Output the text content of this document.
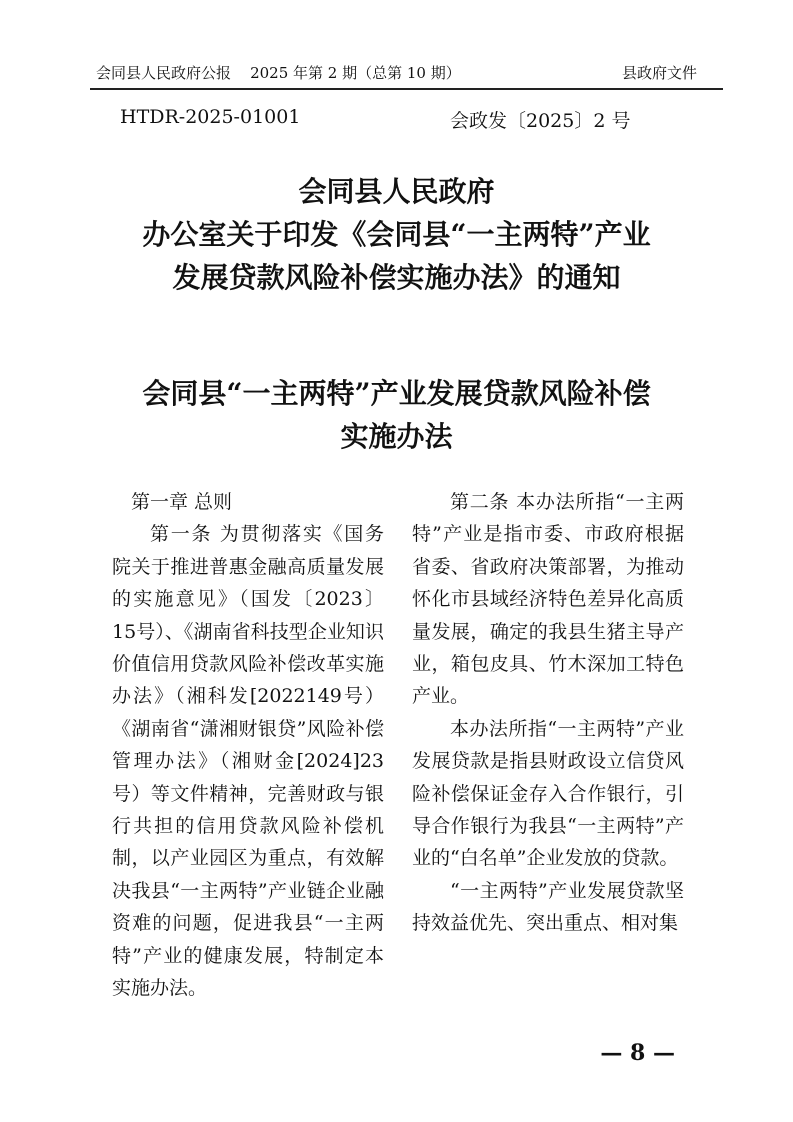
会同县人民政府公报 2025 年第 2 期（总第 10 期）	县政府文件
HTDR-2025-01001	会政发〔2025〕2 号
会同县人民政府
办公室关于印发《会同县“一主两特”产业
发展贷款风险补偿实施办法》的通知
会同县“一主两特”产业发展贷款风险补偿
实施办法

第一章 总则

第一条 为贯彻落实《国务院关于推进普惠金融高质量发展的实施意见》（国发〔2023〕15号）、《湖南省科技型企业知识价值信用贷款风险补偿改革实施办法》（湘科发[2022149号）《湖南省“潇湘财银贷”风险补偿管理办法》（湘财金[2024]23号）等文件精神，完善财政与银行共担的信用贷款风险补偿机制，以产业园区为重点，有效解决我县“一主两特”产业链企业融资难的问题，促进我县“一主两特”产业的健康发展，特制定本实施办法。

第二条 本办法所指“一主两特”产业是指市委、市政府根据省委、省政府决策部署，为推动怀化市县域经济特色差异化高质量发展，确定的我县生猪主导产业，箱包皮具、竹木深加工特色产业。

本办法所指“一主两特”产业发展贷款是指县财政设立信贷风险补偿保证金存入合作银行，引导合作银行为我县“一主两特”产业的“白名单”企业发放的贷款。

“一主两特”产业发展贷款坚持效益优先、突出重点、相对集

— 8 —
